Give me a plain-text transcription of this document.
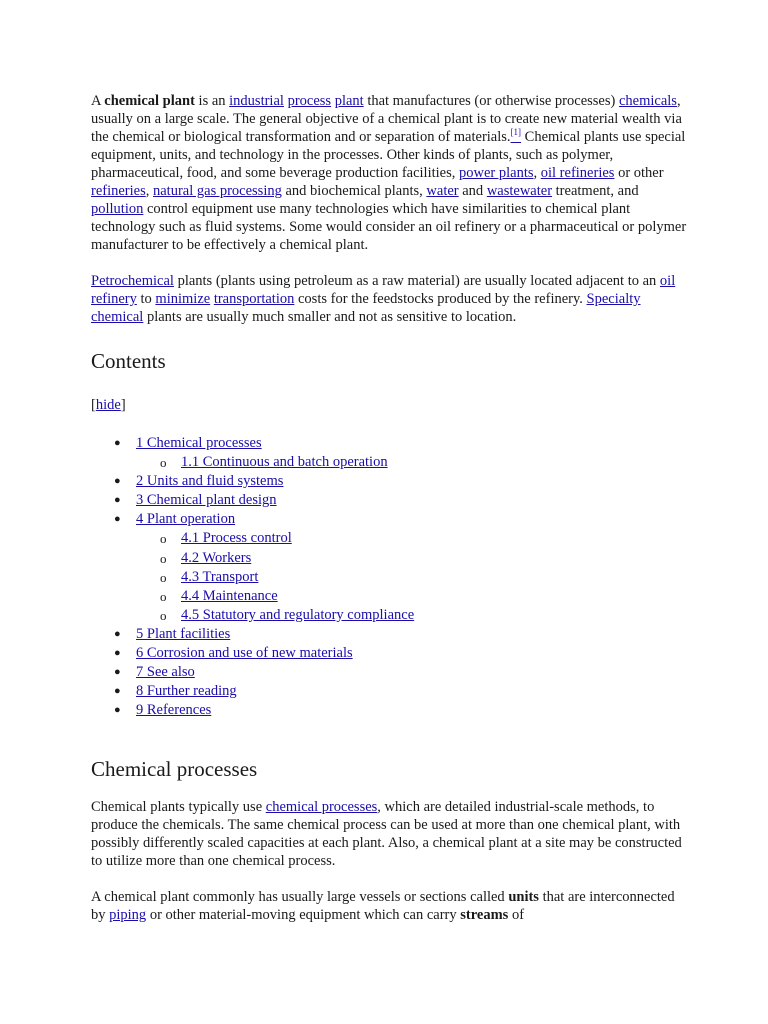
A chemical plant is an industrial process plant that manufactures (or otherwise processes) chemicals, usually on a large scale. The general objective of a chemical plant is to create new material wealth via the chemical or biological transformation and or separation of materials.[1] Chemical plants use special equipment, units, and technology in the processes. Other kinds of plants, such as polymer, pharmaceutical, food, and some beverage production facilities, power plants, oil refineries or other refineries, natural gas processing and biochemical plants, water and wastewater treatment, and pollution control equipment use many technologies which have similarities to chemical plant technology such as fluid systems. Some would consider an oil refinery or a pharmaceutical or polymer manufacturer to be effectively a chemical plant.

Petrochemical plants (plants using petroleum as a raw material) are usually located adjacent to an oil refinery to minimize transportation costs for the feedstocks produced by the refinery. Specialty chemical plants are usually much smaller and not as sensitive to location.

Contents
[hide]
● 1 Chemical processes
o 1.1 Continuous and batch operation
● 2 Units and fluid systems
● 3 Chemical plant design
● 4 Plant operation
o 4.1 Process control
o 4.2 Workers
o 4.3 Transport
o 4.4 Maintenance
o 4.5 Statutory and regulatory compliance
● 5 Plant facilities
● 6 Corrosion and use of new materials
● 7 See also
● 8 Further reading
● 9 References
Chemical processes

Chemical plants typically use chemical processes, which are detailed industrial-scale methods, to produce the chemicals. The same chemical process can be used at more than one chemical plant, with possibly differently scaled capacities at each plant. Also, a chemical plant at a site may be constructed to utilize more than one chemical process.

A chemical plant commonly has usually large vessels or sections called units that are interconnected by piping or other material-moving equipment which can carry streams of
